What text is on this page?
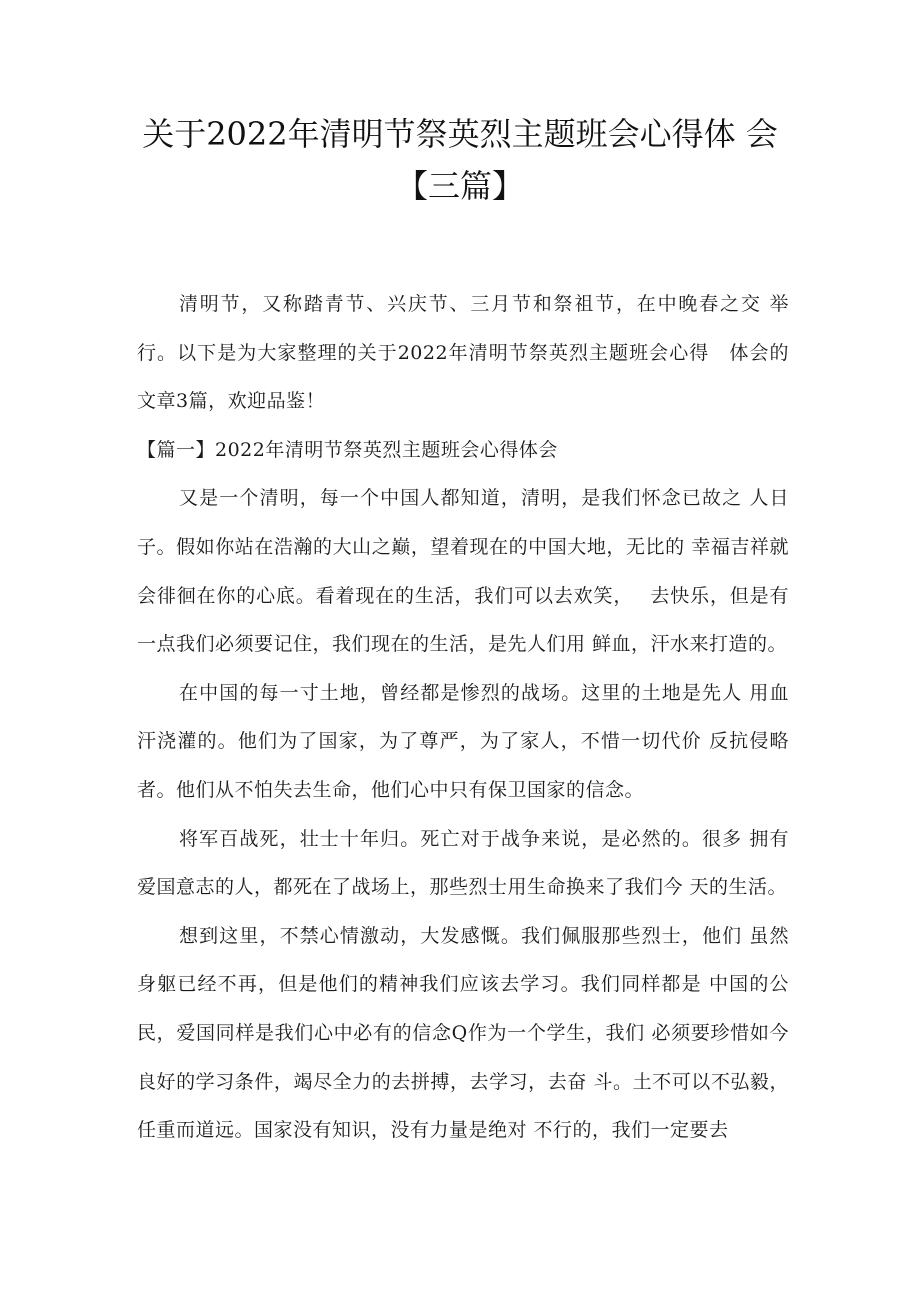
关于2022年清明节祭英烈主题班会心得体 会
【三篇】

清明节，又称踏青节、兴庆节、三月节和祭祖节，在中晚春之交 举行。以下是为大家整理的关于2022年清明节祭英烈主题班会心得　体会的文章3篇，欢迎品鉴！

【篇一】2022年清明节祭英烈主题班会心得体会

又是一个清明，每一个中国人都知道，清明，是我们怀念已故之 人日子。假如你站在浩瀚的大山之巅，望着现在的中国大地，无比的 幸福吉祥就会徘徊在你的心底。看着现在的生活，我们可以去欢笑，　 去快乐，但是有一点我们必须要记住，我们现在的生活，是先人们用 鲜血，汗水来打造的。

在中国的每一寸土地，曾经都是惨烈的战场。这里的土地是先人 用血汗浇灌的。他们为了国家，为了尊严，为了家人，不惜一切代价 反抗侵略者。他们从不怕失去生命，他们心中只有保卫国家的信念。

将军百战死，壮士十年归。死亡对于战争来说，是必然的。很多 拥有爱国意志的人，都死在了战场上，那些烈士用生命换来了我们今 天的生活。

想到这里，不禁心情激动，大发感慨。我们佩服那些烈士，他们 虽然身躯已经不再，但是他们的精神我们应该去学习。我们同样都是 中国的公民，爱国同样是我们心中必有的信念Q作为一个学生，我们 必须要珍惜如今良好的学习条件，竭尽全力的去拼搏，去学习，去奋 斗。土不可以不弘毅，任重而道远。国家没有知识，没有力量是绝对 不行的，我们一定要去
